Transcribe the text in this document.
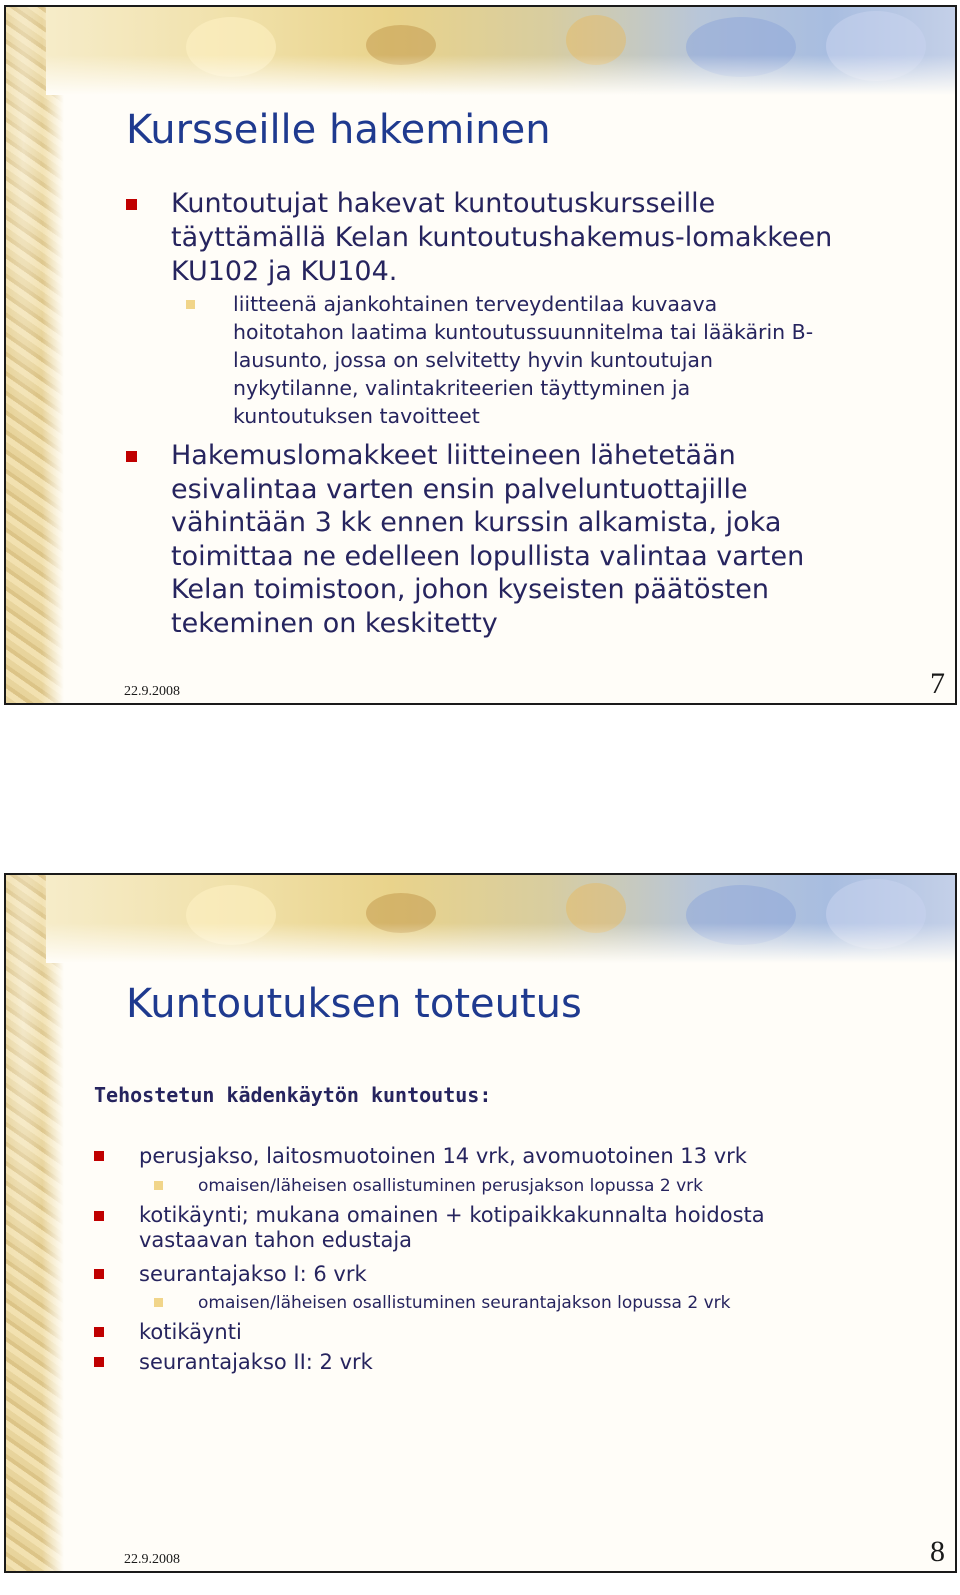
Kursseille hakeminen
Kuntoutujat hakevat kuntoutuskursseille
täyttämällä Kelan kuntoutushakemus-lomakkeen
KU102 ja KU104.
liitteenä ajankohtainen terveydentilaa kuvaava
hoitotahon laatima kuntoutussuunnitelma tai lääkärin B-
lausunto, jossa on selvitetty hyvin kuntoutujan
nykytilanne, valintakriteerien täyttyminen ja
kuntoutuksen tavoitteet
Hakemuslomakkeet liitteineen lähetetään
esivalintaa varten ensin palveluntuottajille
vähintään 3 kk ennen kurssin alkamista, joka
toimittaa ne edelleen lopullista valintaa varten
Kelan toimistoon, johon kyseisten päätösten
tekeminen on keskitetty
22.9.2008	7
Kuntoutuksen toteutus
Tehostetun kädenkäytön kuntoutus:
perusjakso, laitosmuotoinen 14 vrk, avomuotoinen 13 vrk
omaisen/läheisen osallistuminen perusjakson lopussa 2 vrk
kotikäynti; mukana omainen + kotipaikkakunnalta hoidosta
vastaavan tahon edustaja
seurantajakso I: 6 vrk
omaisen/läheisen osallistuminen seurantajakson lopussa 2 vrk
kotikäynti
seurantajakso II: 2 vrk
22.9.2008	8
